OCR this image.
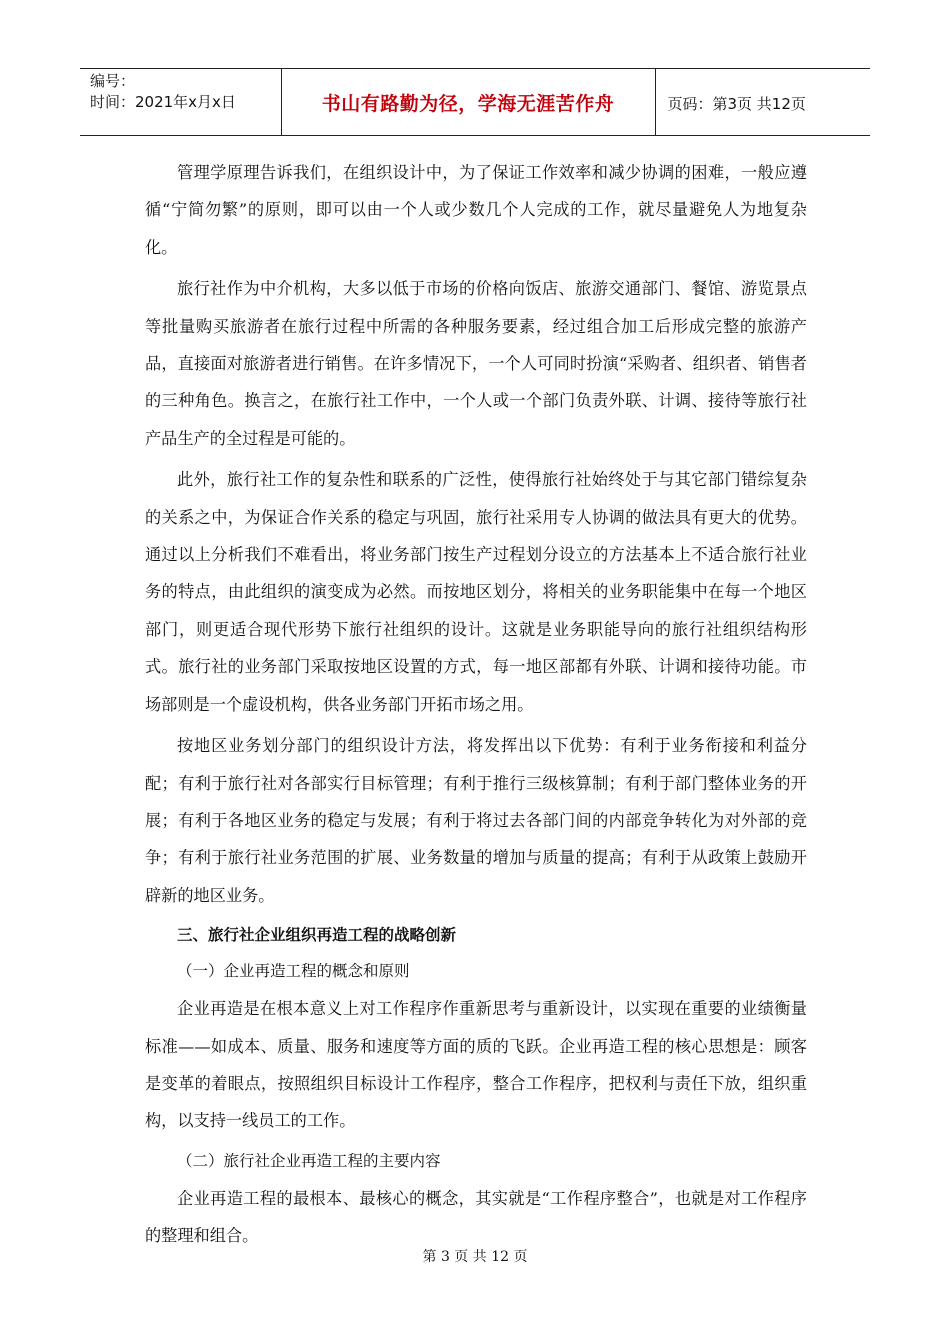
编号：
时间：2021年x月x日	书山有路勤为径，学海无涯苦作舟	页码：第3页 共12页

管理学原理告诉我们，在组织设计中，为了保证工作效率和减少协调的困难，一般应遵循“宁简勿繁”的原则，即可以由一个人或少数几个人完成的工作，就尽量避免人为地复杂化。

旅行社作为中介机构，大多以低于市场的价格向饭店、旅游交通部门、餐馆、游览景点等批量购买旅游者在旅行过程中所需的各种服务要素，经过组合加工后形成完整的旅游产品，直接面对旅游者进行销售。在许多情况下，一个人可同时扮演“采购者、组织者、销售者的三种角色。换言之，在旅行社工作中，一个人或一个部门负责外联、计调、接待等旅行社产品生产的全过程是可能的。

此外，旅行社工作的复杂性和联系的广泛性，使得旅行社始终处于与其它部门错综复杂的关系之中，为保证合作关系的稳定与巩固，旅行社采用专人协调的做法具有更大的优势。通过以上分析我们不难看出，将业务部门按生产过程划分设立的方法基本上不适合旅行社业务的特点，由此组织的演变成为必然。而按地区划分，将相关的业务职能集中在每一个地区部门，则更适合现代形势下旅行社组织的设计。这就是业务职能导向的旅行社组织结构形式。旅行社的业务部门采取按地区设置的方式，每一地区部都有外联、计调和接待功能。市场部则是一个虚设机构，供各业务部门开拓市场之用。

按地区业务划分部门的组织设计方法，将发挥出以下优势：有利于业务衔接和利益分配；有利于旅行社对各部实行目标管理；有利于推行三级核算制；有利于部门整体业务的开展；有利于各地区业务的稳定与发展；有利于将过去各部门间的内部竞争转化为对外部的竞争；有利于旅行社业务范围的扩展、业务数量的增加与质量的提高；有利于从政策上鼓励开辟新的地区业务。

三、旅行社企业组织再造工程的战略创新
（一）企业再造工程的概念和原则

企业再造是在根本意义上对工作程序作重新思考与重新设计，以实现在重要的业绩衡量标准——如成本、质量、服务和速度等方面的质的飞跃。企业再造工程的核心思想是：顾客是变革的着眼点，按照组织目标设计工作程序，整合工作程序，把权利与责任下放，组织重构，以支持一线员工的工作。

（二）旅行社企业再造工程的主要内容

企业再造工程的最根本、最核心的概念，其实就是“工作程序整合”，也就是对工作程序的整理和组合。

第 3 页 共 12 页
